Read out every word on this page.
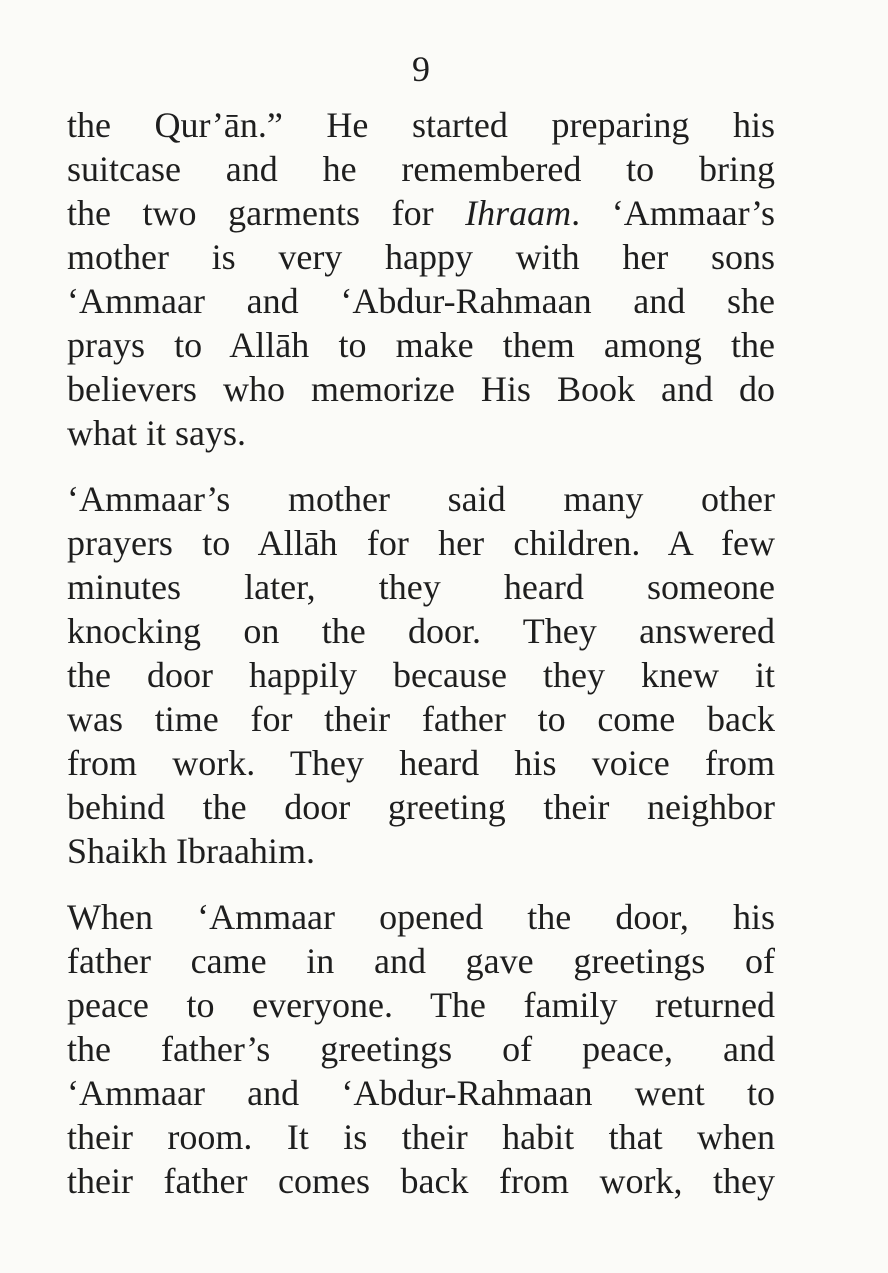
9
the Qur’ān.” He started preparing his
suitcase and he remembered to bring
the two garments for Ihraam. ‘Ammaar’s
mother is very happy with her sons
‘Ammaar and ‘Abdur-Rahmaan and she
prays to Allāh to make them among the
believers who memorize His Book and do
what it says.
‘Ammaar’s mother said many other
prayers to Allāh for her children. A few
minutes later, they heard someone
knocking on the door. They answered
the door happily because they knew it
was time for their father to come back
from work. They heard his voice from
behind the door greeting their neighbor
Shaikh Ibraahim.
When ‘Ammaar opened the door, his
father came in and gave greetings of
peace to everyone. The family returned
the father’s greetings of peace, and
‘Ammaar and ‘Abdur-Rahmaan went to
their room. It is their habit that when
their father comes back from work, they
